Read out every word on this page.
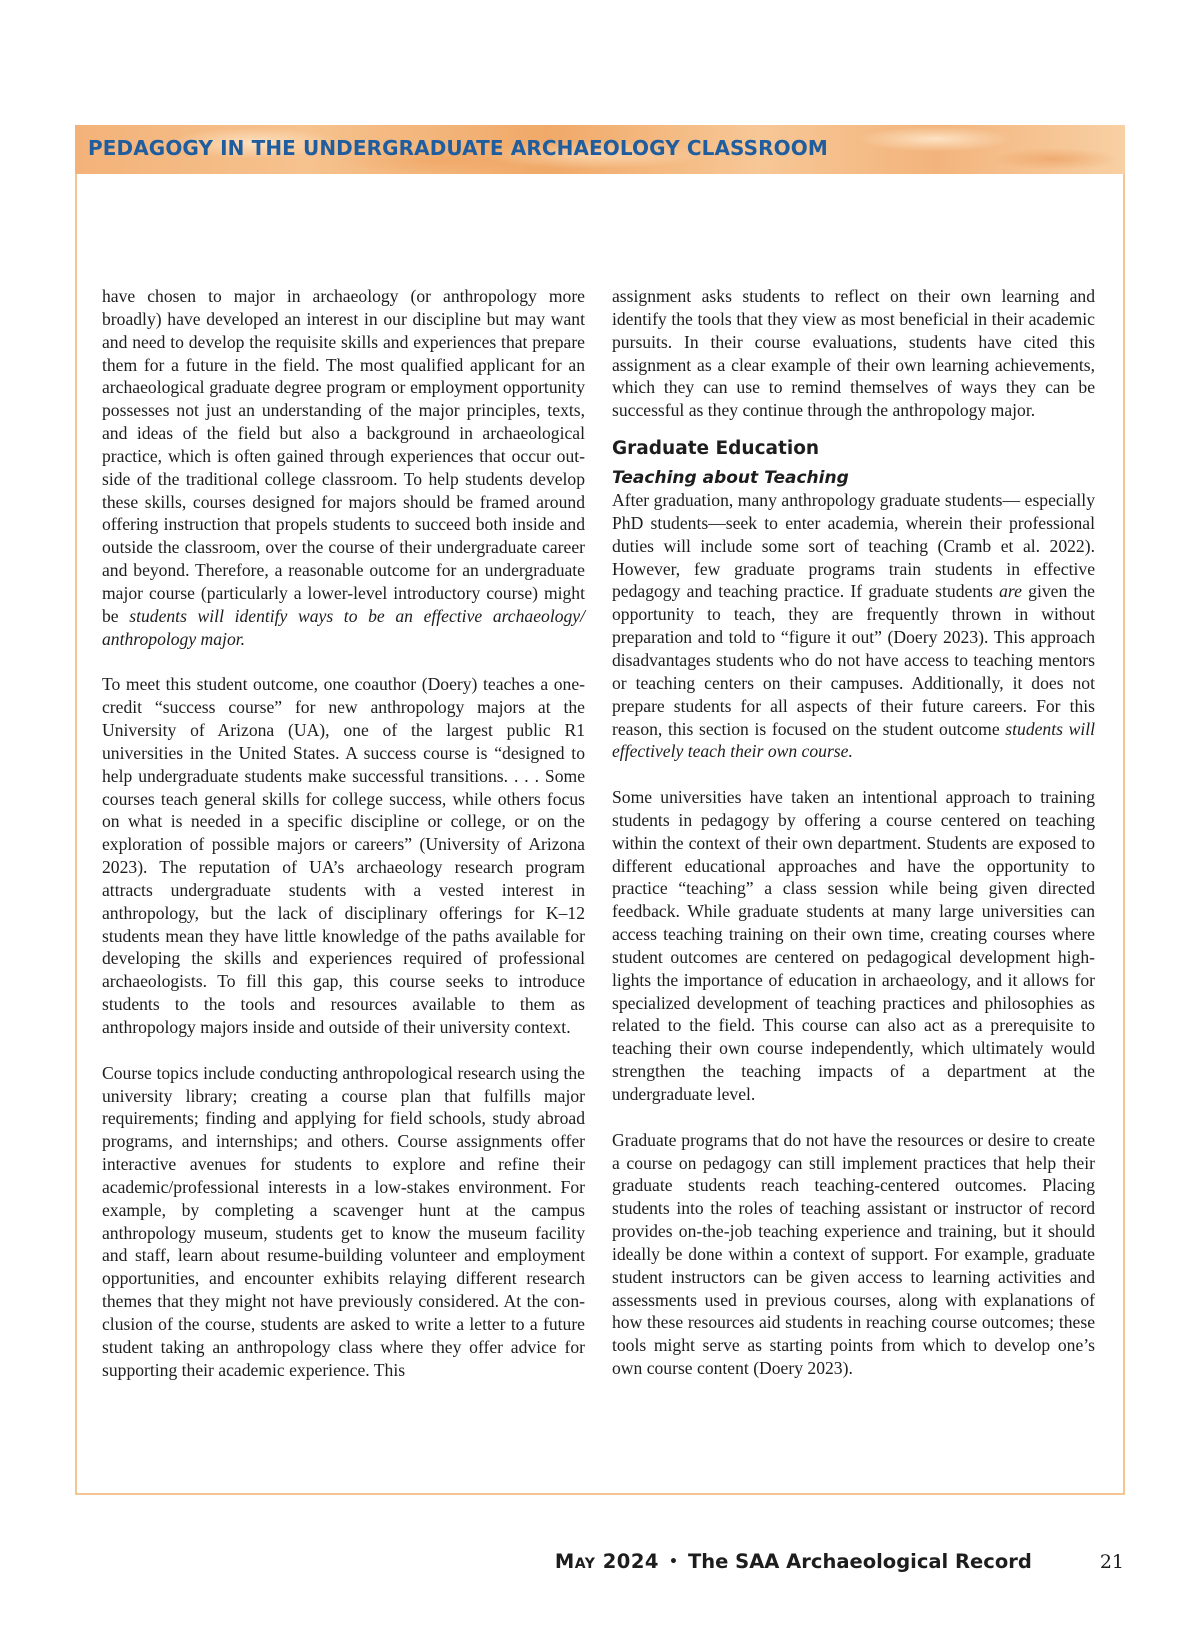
PEDAGOGY IN THE UNDERGRADUATE ARCHAEOLOGY CLASSROOM

have chosen to major in archaeology (or anthropology more broadly) have developed an interest in our discipline but may want and need to develop the requisite skills and experiences that prepare them for a future in the field. The most qualified applicant for an archaeological graduate degree program or employment opportunity possesses not just an understanding of the major principles, texts, and ideas of the field but also a background in archaeological practice, which is often gained through experiences that occur outside of the traditional college classroom. To help students develop these skills, courses designed for majors should be framed around offering instruction that propels students to succeed both inside and outside the classroom, over the course of their undergraduate career and beyond. Therefore, a reasonable outcome for an undergraduate major course (particularly a lower-level introductory course) might be students will identify ways to be an effective archaeology/ anthropology major.

To meet this student outcome, one coauthor (Doery) teaches a one-credit “success course” for new anthropology majors at the University of Arizona (UA), one of the largest public R1 universities in the United States. A success course is “designed to help undergraduate students make successful transitions. . . . Some courses teach general skills for college success, while others focus on what is needed in a specific discipline or college, or on the exploration of possible majors or careers” (University of Arizona 2023). The reputation of UA’s archaeology research program attracts undergraduate students with a vested interest in anthropology, but the lack of disciplinary offerings for K–12 students mean they have little knowledge of the paths available for developing the skills and experiences required of professional archaeologists. To fill this gap, this course seeks to introduce students to the tools and resources available to them as anthropology majors inside and outside of their university context.

Course topics include conducting anthropological research using the university library; creating a course plan that fulfills major requirements; finding and applying for field schools, study abroad programs, and internships; and others. Course assignments offer interactive avenues for students to explore and refine their academic/professional interests in a low-stakes environment. For example, by completing a scavenger hunt at the campus anthropology museum, students get to know the museum facility and staff, learn about resume-building volunteer and employment opportunities, and encounter exhibits relaying different research themes that they might not have previously considered. At the conclusion of the course, students are asked to write a letter to a future student taking an anthropology class where they offer advice for supporting their academic experience. This

assignment asks students to reflect on their own learning and identify the tools that they view as most beneficial in their academic pursuits. In their course evaluations, students have cited this assignment as a clear example of their own learning achievements, which they can use to remind themselves of ways they can be successful as they continue through the anthropology major.

Graduate Education
Teaching about Teaching

After graduation, many anthropology graduate students— especially PhD students—seek to enter academia, wherein their professional duties will include some sort of teaching (Cramb et al. 2022). However, few graduate programs train students in effective pedagogy and teaching practice. If graduate students are given the opportunity to teach, they are frequently thrown in without preparation and told to “figure it out” (Doery 2023). This approach disadvantages students who do not have access to teaching mentors or teaching centers on their campuses. Additionally, it does not prepare students for all aspects of their future careers. For this reason, this section is focused on the student outcome students will effectively teach their own course.

Some universities have taken an intentional approach to training students in pedagogy by offering a course centered on teaching within the context of their own department. Students are exposed to different educational approaches and have the opportunity to practice “teaching” a class session while being given directed feedback. While graduate students at many large universities can access teaching training on their own time, creating courses where student outcomes are centered on pedagogical development highlights the importance of education in archaeology, and it allows for specialized development of teaching practices and philosophies as related to the field. This course can also act as a prerequisite to teaching their own course independently, which ultimately would strengthen the teaching impacts of a department at the undergraduate level.

Graduate programs that do not have the resources or desire to create a course on pedagogy can still implement practices that help their graduate students reach teaching-centered outcomes. Placing students into the roles of teaching assistant or instructor of record provides on-the-job teaching experience and training, but it should ideally be done within a context of support. For example, graduate student instructors can be given access to learning activities and assessments used in previous courses, along with explanations of how these resources aid students in reaching course outcomes; these tools might serve as starting points from which to develop one’s own course content (Doery 2023).

May 2024 • The SAA Archaeological Record	21
